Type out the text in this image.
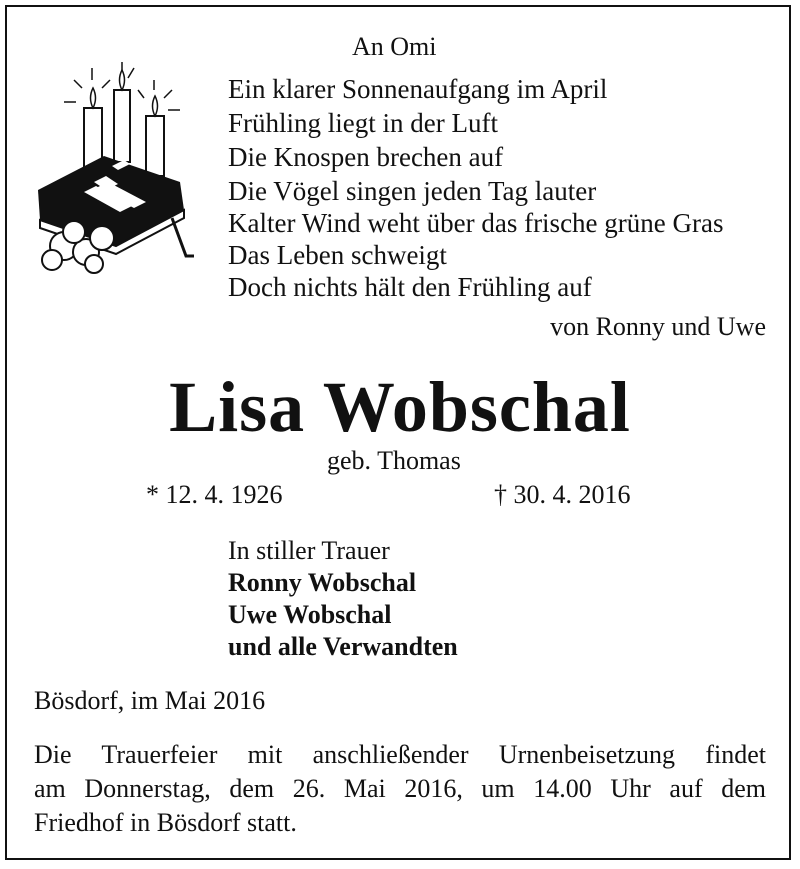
An Omi

Ein klarer Sonnenaufgang im April
Frühling liegt in der Luft
Die Knospen brechen auf
Die Vögel singen jeden Tag lauter
Kalter Wind weht über das frische grüne Gras
Das Leben schweigt
Doch nichts hält den Frühling auf

von Ronny und Uwe

Lisa Wobschal

geb. Thomas

* 12. 4. 1926	† 30. 4. 2016

In stiller Trauer

Ronny Wobschal

Uwe Wobschal

und alle Verwandten

Bösdorf, im Mai 2016

Die Trauerfeier mit anschließender Urnenbeisetzung findet
am Donnerstag, dem 26. Mai 2016, um 14.00 Uhr auf dem

Friedhof in Bösdorf statt.
